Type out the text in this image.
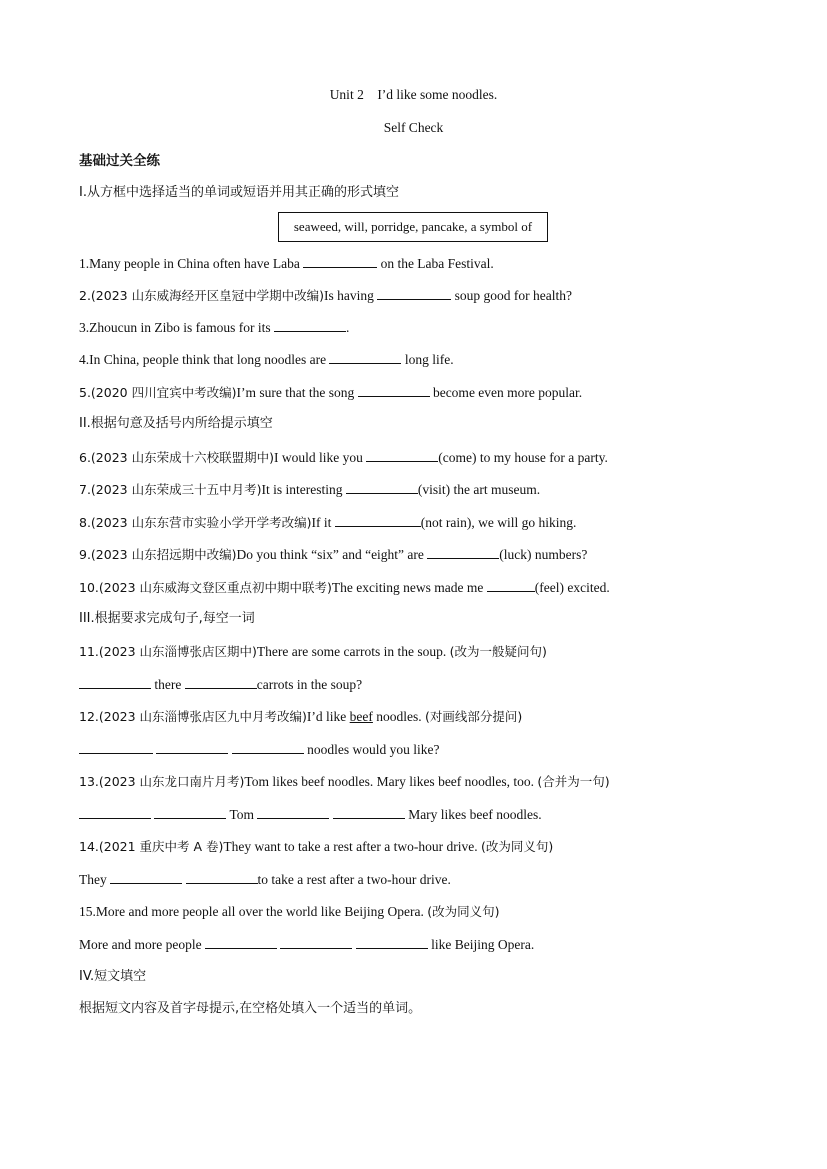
Unit 2    I’d like some noodles.
Self Check
基础过关全练
I.从方框中选择适当的单词或短语并用其正确的形式填空
seaweed, will, porridge, pancake, a symbol of
1.Many people in China often have Laba	on the Laba Festival.
2.(2023 山东威海经开区皇冠中学期中改编)Is having	soup good for health?
3.Zhoucun in Zibo is famous for its	.
4.In China, people think that long noodles are	long life.
5.(2020 四川宜宾中考改编)I’m sure that the song	become even more popular.
II.根据句意及括号内所给提示填空
6.(2023 山东荣成十六校联盟期中)I would like you	(come) to my house for a party.
7.(2023 山东荣成三十五中月考)It is interesting	(visit) the art museum.
8.(2023 山东东营市实验小学开学考改编)If it	(not rain), we will go hiking.
9.(2023 山东招远期中改编)Do you think “six” and “eight” are	(luck) numbers?
10.(2023 山东威海文登区重点初中期中联考)The exciting news made me	(feel) excited.
III.根据要求完成句子,每空一词
11.(2023 山东淄博张店区期中)There are some carrots in the soup. (改为一般疑问句)
there	carrots in the soup?
12.(2023 山东淄博张店区九中月考改编)I’d like beef noodles. (对画线部分提问)
noodles would you like?
13.(2023 山东龙口南片月考)Tom likes beef noodles. Mary likes beef noodles, too. (合并为一句)
Tom	Mary likes beef noodles.
14.(2021 重庆中考 A 卷)They want to take a rest after a two-hour drive. (改为同义句)
They	to take a rest after a two-hour drive.
15.More and more people all over the world like Beijing Opera. (改为同义句)
More and more people	like Beijing Opera.
IV.短文填空
根据短文内容及首字母提示,在空格处填入一个适当的单词。
